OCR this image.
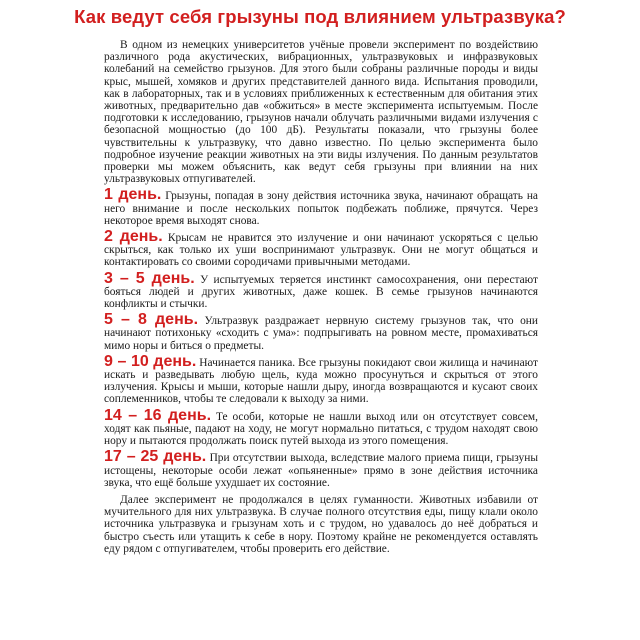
Как ведут себя грызуны под влиянием ультразвука?

В одном из немецких университетов учёные провели эксперимент по воздействию различного рода акустических, вибрационных, ультразвуковых и инфразвуковых колебаний на семейство грызунов. Для этого были собраны различные породы и виды крыс, мышей, хомяков и других представителей данного вида. Испытания проводили, как в лабораторных, так и в условиях приближенных к естественным для обитания этих животных, предварительно дав «обжиться» в месте эксперимента испытуемым. После подготовки к исследованию, грызунов начали облучать различными видами излучения с безопасной мощностью (до 100 дБ). Результаты показали, что грызуны более чувствительны к ультразвуку, что давно известно. По целью эксперимента было подробное изучение реакции животных на эти виды излучения. По данным результатов проверки мы можем объяснить, как ведут себя грызуны при влиянии на них ультразвуковых отпугивателей.

1 день. Грызуны, попадая в зону действия источника звука, начинают обращать на него внимание и после нескольких попыток подбежать поближе, прячутся. Через некоторое время выходят снова.

2 день. Крысам не нравится это излучение и они начинают ускоряться с целью скрыться, как только их уши воспринимают ультразвук. Они не могут общаться и контактировать со своими сородичами привычными методами.

3 – 5 день. У испытуемых теряется инстинкт самосохранения, они перестают бояться людей и других животных, даже кошек. В семье грызунов начинаются конфликты и стычки.

5 – 8 день. Ультразвук раздражает нервную систему грызунов так, что они начинают потихоньку «сходить с ума»: подпрыгивать на ровном месте, промахиваться мимо норы и биться о предметы.

9 – 10 день. Начинается паника. Все грызуны покидают свои жилища и начинают искать и разведывать любую щель, куда можно просунуться и скрыться от этого излучения. Крысы и мыши, которые нашли дыру, иногда возвращаются и кусают своих соплеменников, чтобы те следовали к выходу за ними.

14 – 16 день. Те особи, которые не нашли выход или он отсутствует совсем, ходят как пьяные, падают на ходу, не могут нормально питаться, с трудом находят свою нору и пытаются продолжать поиск путей выхода из этого помещения.

17 – 25 день. При отсутствии выхода, вследствие малого приема пищи, грызуны истощены, некоторые особи лежат «опьяненные» прямо в зоне действия источника звука, что ещё больше ухудшает их состояние.

Далее эксперимент не продолжался в целях гуманности. Животных избавили от мучительного для них ультразвука. В случае полного отсутствия еды, пищу клали около источника ультразвука и грызунам хоть и с трудом, но удавалось до неё добраться и быстро съесть или утащить к себе в нору. Поэтому крайне не рекомендуется оставлять еду рядом с отпугивателем, чтобы проверить его действие.
